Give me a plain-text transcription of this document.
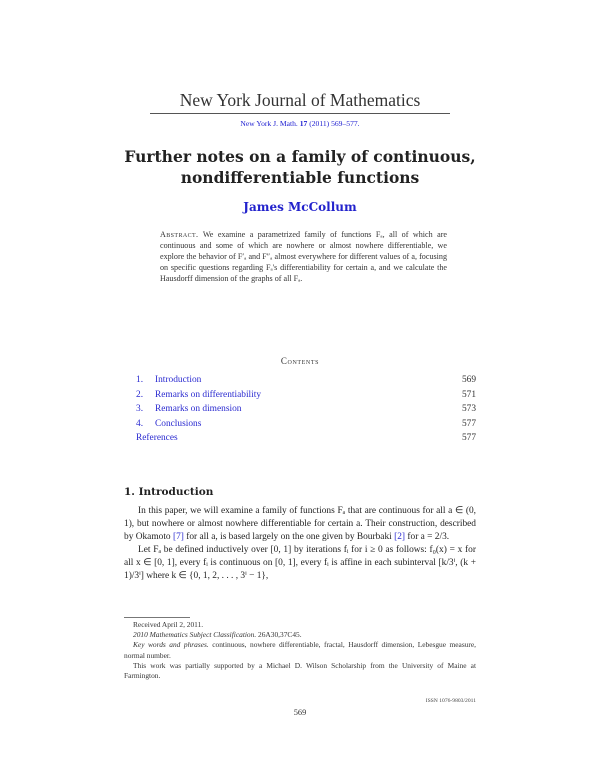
New York Journal of Mathematics
New York J. Math. 17 (2011) 569–577.
Further notes on a family of continuous, nondifferentiable functions
James McCollum

Abstract. We examine a parametrized family of functions Fₐ, all of which are continuous and some of which are nowhere or almost nowhere differentiable, we explore the behavior of F′ₐ and F″ₐ almost everywhere for different values of a, focusing on specific questions regarding Fₐ's differentiability for certain a, and we calculate the Hausdorff dimension of the graphs of all Fₐ.

Contents
1. Introduction	569
2. Remarks on differentiability	571
3. Remarks on dimension	573
4. Conclusions	577
References	577
1. Introduction

In this paper, we will examine a family of functions Fₐ that are continuous for all a ∈ (0, 1), but nowhere or almost nowhere differentiable for certain a. Their construction, described by Okamoto [7] for all a, is based largely on the one given by Bourbaki [2] for a = 2/3.

Let Fₐ be defined inductively over [0, 1] by iterations fᵢ for i ≥ 0 as follows: f₀(x) = x for all x ∈ [0, 1], every fᵢ is continuous on [0, 1], every fᵢ is affine in each subinterval [k/3ⁱ, (k + 1)/3ⁱ] where k ∈ {0, 1, 2, . . . , 3ⁱ − 1},

Received April 2, 2011.

2010 Mathematics Subject Classification. 26A30,37C45.

Key words and phrases. continuous, nowhere differentiable, fractal, Hausdorff dimension, Lebesgue measure, normal number.

This work was partially supported by a Michael D. Wilson Scholarship from the University of Maine at Farmington.

ISSN 1076-9803/2011
569
